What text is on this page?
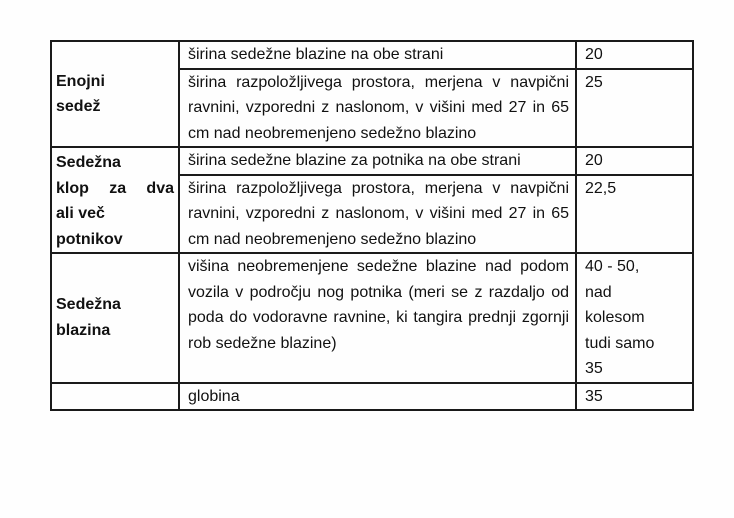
Enojni
sedež	širina sedežne blazine na obe strani	20
	širina razpoložljivega prostora, merjena v navpični ravnini, vzporedni z naslonom, v višini med 27 in 65 cm nad neobremenjeno sedežno blazino	25

Sedežna
klop za dva
ali več
potnikov	širina sedežne blazine za potnika na obe strani	20
	širina razpoložljivega prostora, merjena v navpični ravnini, vzporedni z naslonom, v višini med 27 in 65 cm nad neobremenjeno sedežno blazino	22,5

Sedežna
blazina	višina neobremenjene sedežne blazine nad podom vozila v področju nog potnika (meri se z razdaljo od poda do vodoravne ravnine, ki tangira prednji zgornji rob sedežne blazine)	40 - 50,
nad
kolesom
tudi samo
35

	globina	35
